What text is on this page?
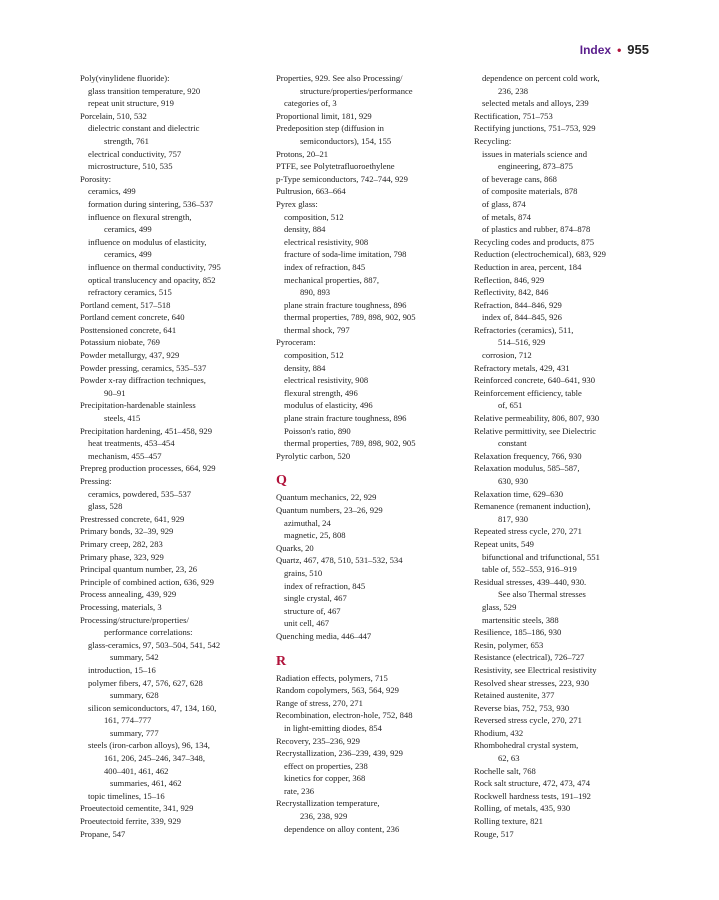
Index • 955
Poly(vinylidene fluoride):
glass transition temperature, 920
repeat unit structure, 919
Porcelain, 510, 532
dielectric constant and dielectric
strength, 761
electrical conductivity, 757
microstructure, 510, 535
Porosity:
ceramics, 499
formation during sintering, 536–537
influence on flexural strength,
ceramics, 499
influence on modulus of elasticity,
ceramics, 499
influence on thermal conductivity, 795
optical translucency and opacity, 852
refractory ceramics, 515
Portland cement, 517–518
Portland cement concrete, 640
Posttensioned concrete, 641
Potassium niobate, 769
Powder metallurgy, 437, 929
Powder pressing, ceramics, 535–537
Powder x-ray diffraction techniques,
90–91
Precipitation-hardenable stainless
steels, 415
Precipitation hardening, 451–458, 929
heat treatments, 453–454
mechanism, 455–457
Prepreg production processes, 664, 929
Pressing:
ceramics, powdered, 535–537
glass, 528
Prestressed concrete, 641, 929
Primary bonds, 32–39, 929
Primary creep, 282, 283
Primary phase, 323, 929
Principal quantum number, 23, 26
Principle of combined action, 636, 929
Process annealing, 439, 929
Processing, materials, 3
Processing/structure/properties/
performance correlations:
glass-ceramics, 97, 503–504, 541, 542
summary, 542
introduction, 15–16
polymer fibers, 47, 576, 627, 628
summary, 628
silicon semiconductors, 47, 134, 160,
161, 774–777
summary, 777
steels (iron-carbon alloys), 96, 134,
161, 206, 245–246, 347–348,
400–401, 461, 462
summaries, 461, 462
topic timelines, 15–16
Proeutectoid cementite, 341, 929
Proeutectoid ferrite, 339, 929
Propane, 547
Properties, 929. See also Processing/
structure/properties/performance
categories of, 3
Proportional limit, 181, 929
Predeposition step (diffusion in
semiconductors), 154, 155
Protons, 20–21
PTFE, see Polytetrafluoroethylene
p-Type semiconductors, 742–744, 929
Pultrusion, 663–664
Pyrex glass:
composition, 512
density, 884
electrical resistivity, 908
fracture of soda-lime imitation, 798
index of refraction, 845
mechanical properties, 887,
890, 893
plane strain fracture toughness, 896
thermal properties, 789, 898, 902, 905
thermal shock, 797
Pyroceram:
composition, 512
density, 884
electrical resistivity, 908
flexural strength, 496
modulus of elasticity, 496
plane strain fracture toughness, 896
Poisson's ratio, 890
thermal properties, 789, 898, 902, 905
Pyrolytic carbon, 520
Q
Quantum mechanics, 22, 929
Quantum numbers, 23–26, 929
azimuthal, 24
magnetic, 25, 808
Quarks, 20
Quartz, 467, 478, 510, 531–532, 534
grains, 510
index of refraction, 845
single crystal, 467
structure of, 467
unit cell, 467
Quenching media, 446–447
R
Radiation effects, polymers, 715
Random copolymers, 563, 564, 929
Range of stress, 270, 271
Recombination, electron-hole, 752, 848
in light-emitting diodes, 854
Recovery, 235–236, 929
Recrystallization, 236–239, 439, 929
effect on properties, 238
kinetics for copper, 368
rate, 236
Recrystallization temperature,
236, 238, 929
dependence on alloy content, 236
dependence on percent cold work,
236, 238
selected metals and alloys, 239
Rectification, 751–753
Rectifying junctions, 751–753, 929
Recycling:
issues in materials science and
engineering, 873–875
of beverage cans, 868
of composite materials, 878
of glass, 874
of metals, 874
of plastics and rubber, 874–878
Recycling codes and products, 875
Reduction (electrochemical), 683, 929
Reduction in area, percent, 184
Reflection, 846, 929
Reflectivity, 842, 846
Refraction, 844–846, 929
index of, 844–845, 926
Refractories (ceramics), 511,
514–516, 929
corrosion, 712
Refractory metals, 429, 431
Reinforced concrete, 640–641, 930
Reinforcement efficiency, table
of, 651
Relative permeability, 806, 807, 930
Relative permittivity, see Dielectric
constant
Relaxation frequency, 766, 930
Relaxation modulus, 585–587,
630, 930
Relaxation time, 629–630
Remanence (remanent induction),
817, 930
Repeated stress cycle, 270, 271
Repeat units, 549
bifunctional and trifunctional, 551
table of, 552–553, 916–919
Residual stresses, 439–440, 930.
See also Thermal stresses
glass, 529
martensitic steels, 388
Resilience, 185–186, 930
Resin, polymer, 653
Resistance (electrical), 726–727
Resistivity, see Electrical resistivity
Resolved shear stresses, 223, 930
Retained austenite, 377
Reverse bias, 752, 753, 930
Reversed stress cycle, 270, 271
Rhodium, 432
Rhombohedral crystal system,
62, 63
Rochelle salt, 768
Rock salt structure, 472, 473, 474
Rockwell hardness tests, 191–192
Rolling, of metals, 435, 930
Rolling texture, 821
Rouge, 517
